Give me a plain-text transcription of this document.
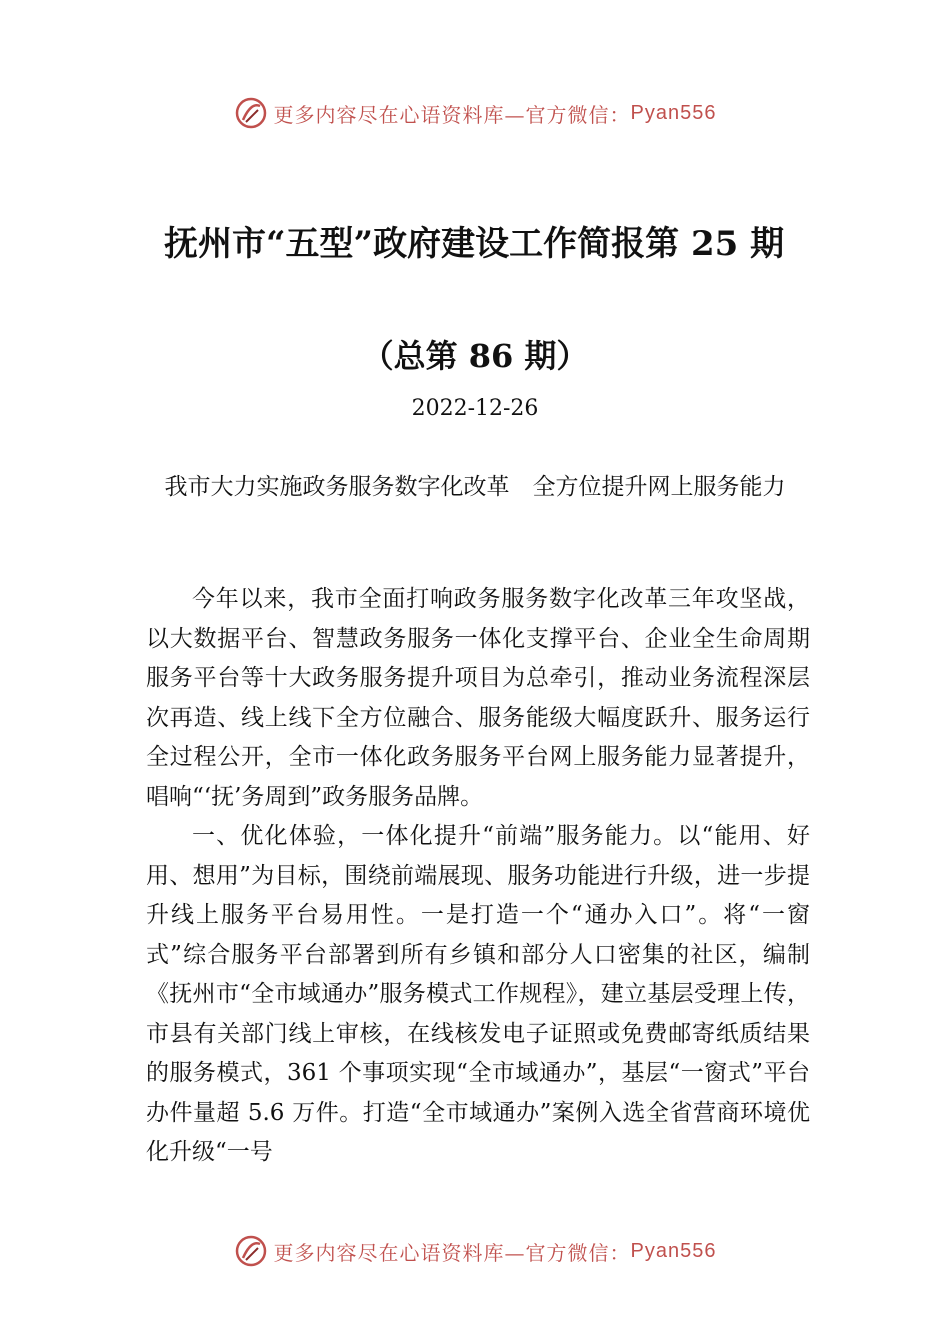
更多内容尽在心语资料库—官方微信： Pyan556
抚州市“五型”政府建设工作简报第 25 期
（总第 86 期）
2022-12-26
我市大力实施政务服务数字化改革　全方位提升网上服务能力

今年以来，我市全面打响政务服务数字化改革三年攻坚战，以大数据平台、智慧政务服务一体化支撑平台、企业全生命周期服务平台等十大政务服务提升项目为总牵引，推动业务流程深层次再造、线上线下全方位融合、服务能级大幅度跃升、服务运行全过程公开，全市一体化政务服务平台网上服务能力显著提升，唱响“‘抚’务周到”政务服务品牌。

一、优化体验，一体化提升“前端”服务能力。以“能用、好用、想用”为目标，围绕前端展现、服务功能进行升级，进一步提升线上服务平台易用性。一是打造一个“通办入口”。将“一窗式”综合服务平台部署到所有乡镇和部分人口密集的社区，编制《抚州市“全市域通办”服务模式工作规程》，建立基层受理上传，市县有关部门线上审核，在线核发电子证照或免费邮寄纸质结果的服务模式，361 个事项实现“全市域通办”，基层“一窗式”平台办件量超 5.6 万件。打造“全市域通办”案例入选全省营商环境优化升级“一号

更多内容尽在心语资料库—官方微信： Pyan556
